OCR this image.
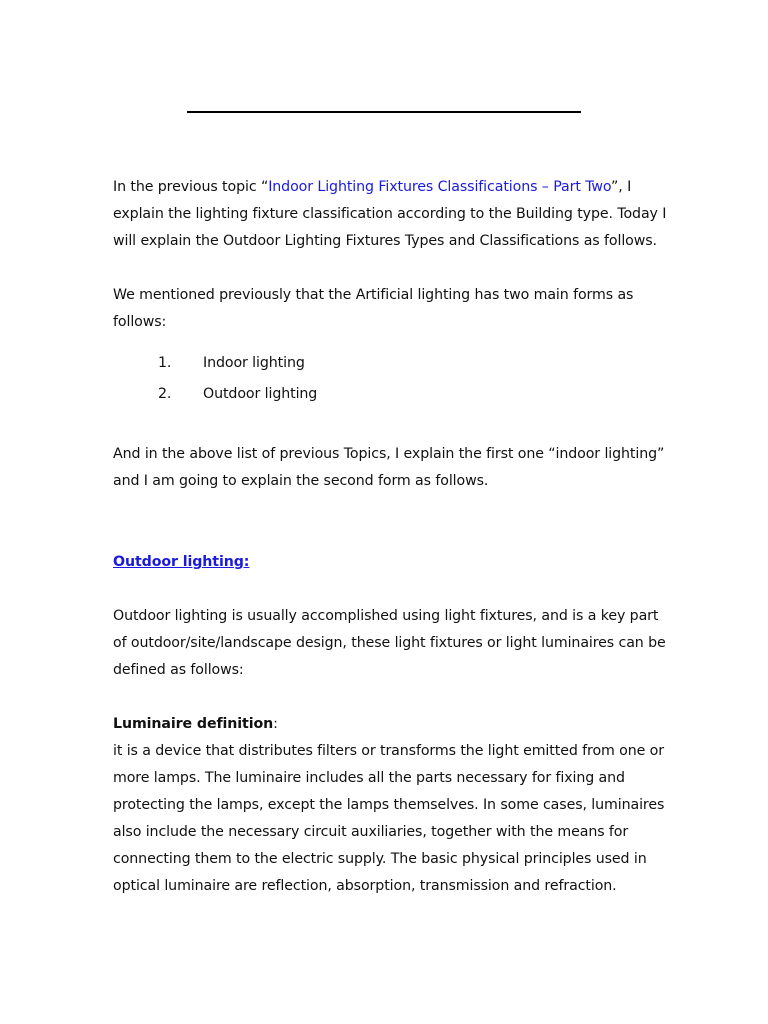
In the previous topic “Indoor Lighting Fixtures Classifications – Part Two”, I explain the lighting fixture classification according to the Building type. Today I will explain the Outdoor Lighting Fixtures Types and Classifications as follows.

We mentioned previously that the Artificial lighting has two main forms as follows:

1. Indoor lighting
2. Outdoor lighting

And in the above list of previous Topics, I explain the first one “indoor lighting” and I am going to explain the second form as follows.

Outdoor lighting:

Outdoor lighting is usually accomplished using light fixtures, and is a key part of outdoor/site/landscape design, these light fixtures or light luminaires can be defined as follows:

Luminaire definition:

it is a device that distributes filters or transforms the light emitted from one or more lamps. The luminaire includes all the parts necessary for fixing and protecting the lamps, except the lamps themselves. In some cases, luminaires also include the necessary circuit auxiliaries, together with the means for connecting them to the electric supply. The basic physical principles used in optical luminaire are reflection, absorption, transmission and refraction.
